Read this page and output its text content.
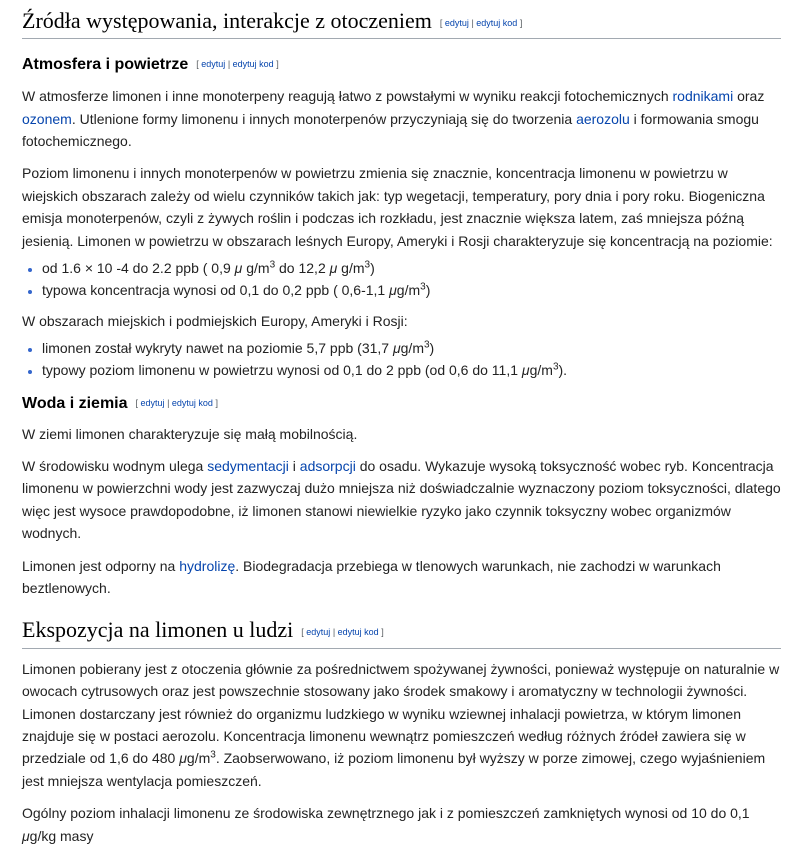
Źródła występowania, interakcje z otoczeniem [ edytuj | edytuj kod ]
Atmosfera i powietrze [ edytuj | edytuj kod ]

W atmosferze limonen i inne monoterpeny reagują łatwo z powstałymi w wyniku reakcji fotochemicznych rodnikami oraz ozonem. Utlenione formy limonenu i innych monoterpenów przyczyniają się do tworzenia aerozolu i formowania smogu fotochemicznego.

Poziom limonenu i innych monoterpenów w powietrzu zmienia się znacznie, koncentracja limonenu w powietrzu w wiejskich obszarach zależy od wielu czynników takich jak: typ wegetacji, temperatury, pory dnia i pory roku. Biogeniczna emisja monoterpenów, czyli z żywych roślin i podczas ich rozkładu, jest znacznie większa latem, zaś mniejsza późną jesienią. Limonen w powietrzu w obszarach leśnych Europy, Ameryki i Rosji charakteryzuje się koncentracją na poziomie:

• od 1.6 × 10 -4 do 2.2 ppb ( 0,9 μ $g/m^3$ do 12,2 μ $g/m^3$)
• typowa koncentracja wynosi od 0,1 do 0,2 ppb ( 0,6-1,1 $\mu g/m^3$)

W obszarach miejskich i podmiejskich Europy, Ameryki i Rosji:

• limonen został wykryty nawet na poziomie 5,7 ppb (31,7 $\mu g/m^3$)
• typowy poziom limonenu w powietrzu wynosi od 0,1 do 2 ppb (od 0,6 do 11,1 $\mu g/m^3$).
Woda i ziemia [ edytuj | edytuj kod ]

W ziemi limonen charakteryzuje się małą mobilnością.

W środowisku wodnym ulega sedymentacji i adsorpcji do osadu. Wykazuje wysoką toksyczność wobec ryb. Koncentracja limonenu w powierzchni wody jest zazwyczaj dużo mniejsza niż doświadczalnie wyznaczony poziom toksyczności, dlatego więc jest wysoce prawdopodobne, iż limonen stanowi niewielkie ryzyko jako czynnik toksyczny wobec organizmów wodnych.

Limonen jest odporny na hydrolizę. Biodegradacja przebiega w tlenowych warunkach, nie zachodzi w warunkach beztlenowych.

Ekspozycja na limonen u ludzi [ edytuj | edytuj kod ]

Limonen pobierany jest z otoczenia głównie za pośrednictwem spożywanej żywności, ponieważ występuje on naturalnie w owocach cytrusowych oraz jest powszechnie stosowany jako środek smakowy i aromatyczny w technologii żywności. Limonen dostarczany jest również do organizmu ludzkiego w wyniku wziewnej inhalacji powietrza, w którym limonen znajduje się w postaci aerozolu. Koncentracja limonenu wewnątrz pomieszczeń według różnych źródeł zawiera się w przedziale od 1,6 do 480 $\mu g/m^3$. Zaobserwowano, iż poziom limonenu był wyższy w porze zimowej, czego wyjaśnieniem jest mniejsza wentylacja pomieszczeń.

Ogólny poziom inhalacji limonenu ze środowiska zewnętrznego jak i z pomieszczeń zamkniętych wynosi od 10 do 0,1 μg/kg masy
